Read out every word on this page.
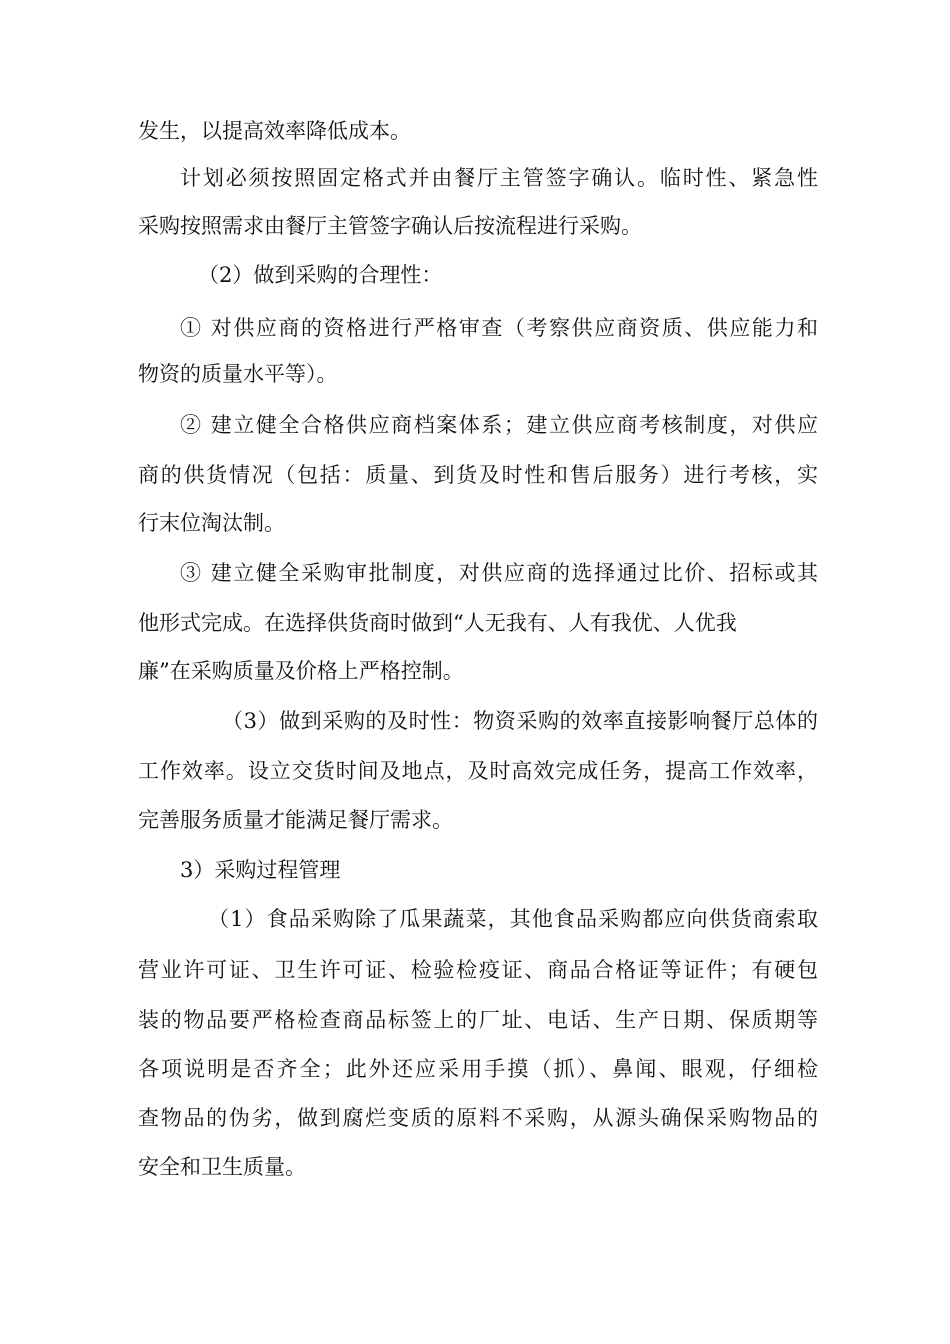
发生，以提高效率降低成本。
计划必须按照固定格式并由餐厅主管签字确认。临时性、紧急性
采购按照需求由餐厅主管签字确认后按流程进行采购。
（2）做到采购的合理性：
① 对供应商的资格进行严格审查（考察供应商资质、供应能力和
物资的质量水平等）。
② 建立健全合格供应商档案体系；建立供应商考核制度，对供应
商的供货情况（包括：质量、到货及时性和售后服务）进行考核，实
行末位淘汰制。
③ 建立健全采购审批制度，对供应商的选择通过比价、招标或其
他形式完成。在选择供货商时做到“人无我有、人有我优、人优我
廉”在采购质量及价格上严格控制。
（3）做到采购的及时性：物资采购的效率直接影响餐厅总体的
工作效率。设立交货时间及地点，及时高效完成任务，提高工作效率，
完善服务质量才能满足餐厅需求。
3）采购过程管理
（1）食品采购除了瓜果蔬菜，其他食品采购都应向供货商索取
营业许可证、卫生许可证、检验检疫证、商品合格证等证件；有硬包
装的物品要严格检查商品标签上的厂址、电话、生产日期、保质期等
各项说明是否齐全；此外还应采用手摸（抓）、鼻闻、眼观，仔细检
查物品的伪劣，做到腐烂变质的原料不采购，从源头确保采购物品的
安全和卫生质量。
